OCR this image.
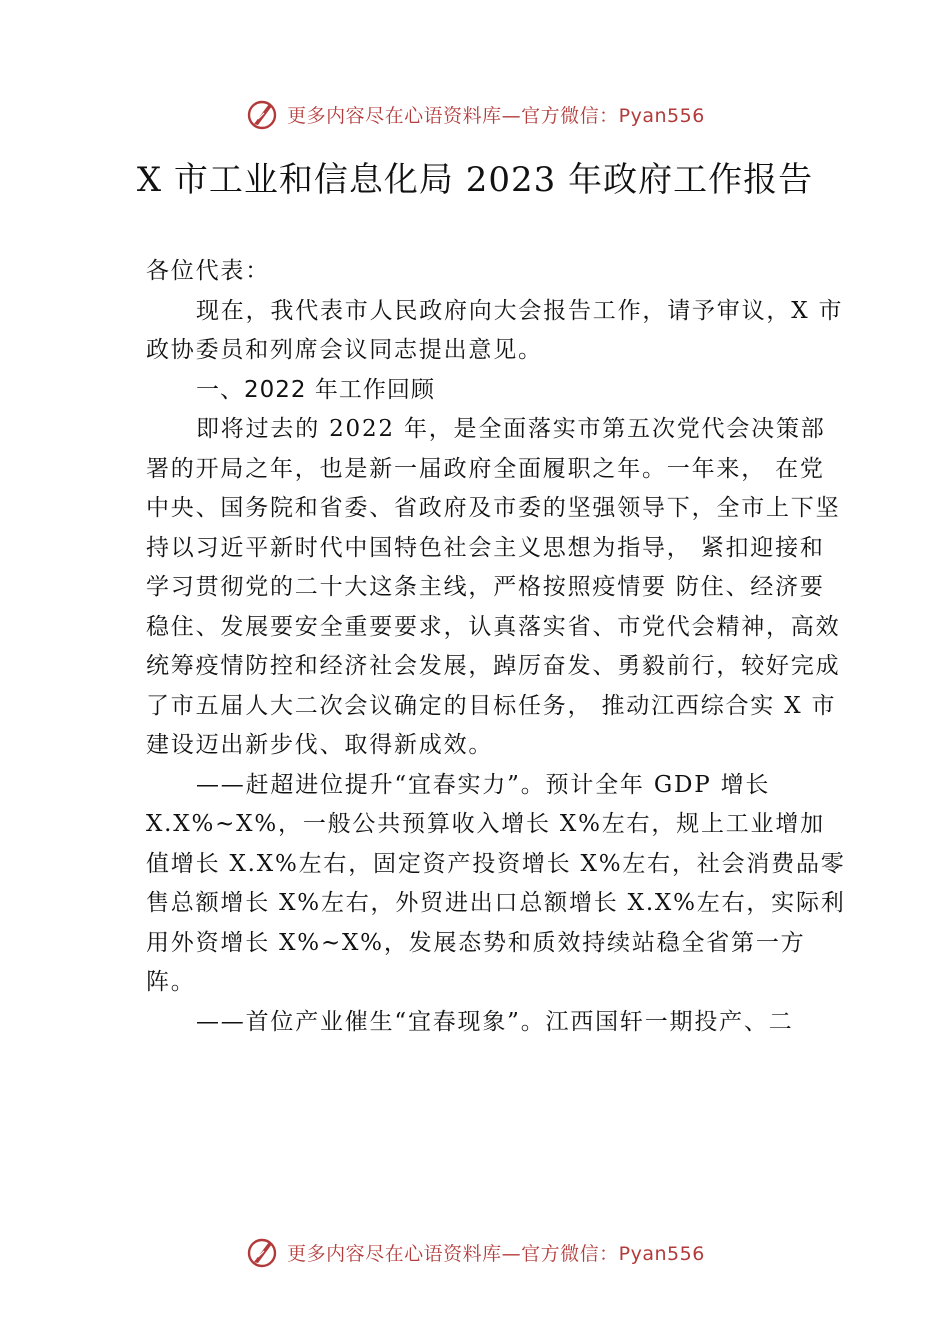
更多内容尽在心语资料库—官方微信：Pyan556
X 市工业和信息化局 2023 年政府工作报告

各位代表：

现在，我代表市人民政府向大会报告工作，请予审议，X 市政协委员和列席会议同志提出意见。

一、2022 年工作回顾

即将过去的 2022 年，是全面落实市第五次党代会决策部署的开局之年，也是新一届政府全面履职之年。一年来， 在党中央、国务院和省委、省政府及市委的坚强领导下，全市上下坚持以习近平新时代中国特色社会主义思想为指导， 紧扣迎接和学习贯彻党的二十大这条主线，严格按照疫情要 防住、经济要稳住、发展要安全重要要求，认真落实省、市党代会精神，高效统筹疫情防控和经济社会发展，踔厉奋发、勇毅前行，较好完成了市五届人大二次会议确定的目标任务， 推动江西综合实 X 市建设迈出新步伐、取得新成效。

——赶超进位提升“宜春实力”。预计全年 GDP 增长 X.X%~X%，一般公共预算收入增长 X%左右，规上工业增加值增长 X.X%左右，固定资产投资增长 X%左右，社会消费品零售总额增长 X%左右，外贸进出口总额增长 X.X%左右，实际利用外资增长 X%~X%，发展态势和质效持续站稳全省第一方阵。

——首位产业催生“宜春现象”。江西国轩一期投产、二

更多内容尽在心语资料库—官方微信：Pyan556
